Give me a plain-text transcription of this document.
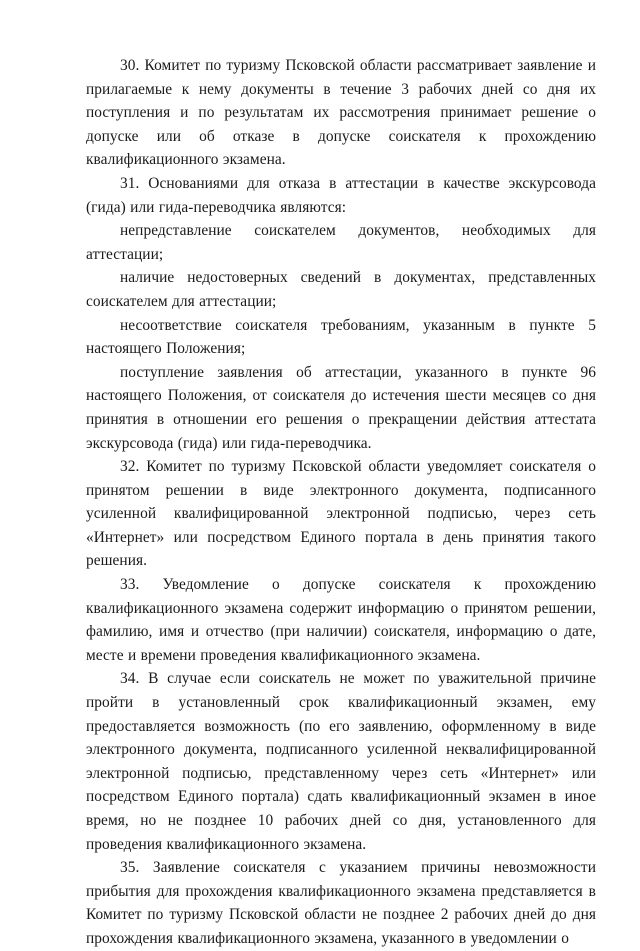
30. Комитет по туризму Псковской области рассматривает заявление и прилагаемые к нему документы в течение 3 рабочих дней со дня их поступления и по результатам их рассмотрения принимает решение о допуске или об отказе в допуске соискателя к прохождению квалификационного экзамена.

31. Основаниями для отказа в аттестации в качестве экскурсовода (гида) или гида-переводчика являются:

непредставление соискателем документов, необходимых для аттестации;

наличие недостоверных сведений в документах, представленных соискателем для аттестации;

несоответствие соискателя требованиям, указанным в пункте 5 настоящего Положения;

поступление заявления об аттестации, указанного в пункте 96 настоящего Положения, от соискателя до истечения шести месяцев со дня принятия в отношении его решения о прекращении действия аттестата экскурсовода (гида) или гида-переводчика.

32. Комитет по туризму Псковской области уведомляет соискателя о принятом решении в виде электронного документа, подписанного усиленной квалифицированной электронной подписью, через сеть «Интернет» или посредством Единого портала в день принятия такого решения.

33. Уведомление о допуске соискателя к прохождению квалификационного экзамена содержит информацию о принятом решении, фамилию, имя и отчество (при наличии) соискателя, информацию о дате, месте и времени проведения квалификационного экзамена.

34. В случае если соискатель не может по уважительной причине пройти в установленный срок квалификационный экзамен, ему предоставляется возможность (по его заявлению, оформленному в виде электронного документа, подписанного усиленной неквалифицированной электронной подписью, представленному через сеть «Интернет» или посредством Единого портала) сдать квалификационный экзамен в иное время, но не позднее 10 рабочих дней со дня, установленного для проведения квалификационного экзамена.

35. Заявление соискателя с указанием причины невозможности прибытия для прохождения квалификационного экзамена представляется в Комитет по туризму Псковской области не позднее 2 рабочих дней до дня прохождения квалификационного экзамена, указанного в уведомлении о
